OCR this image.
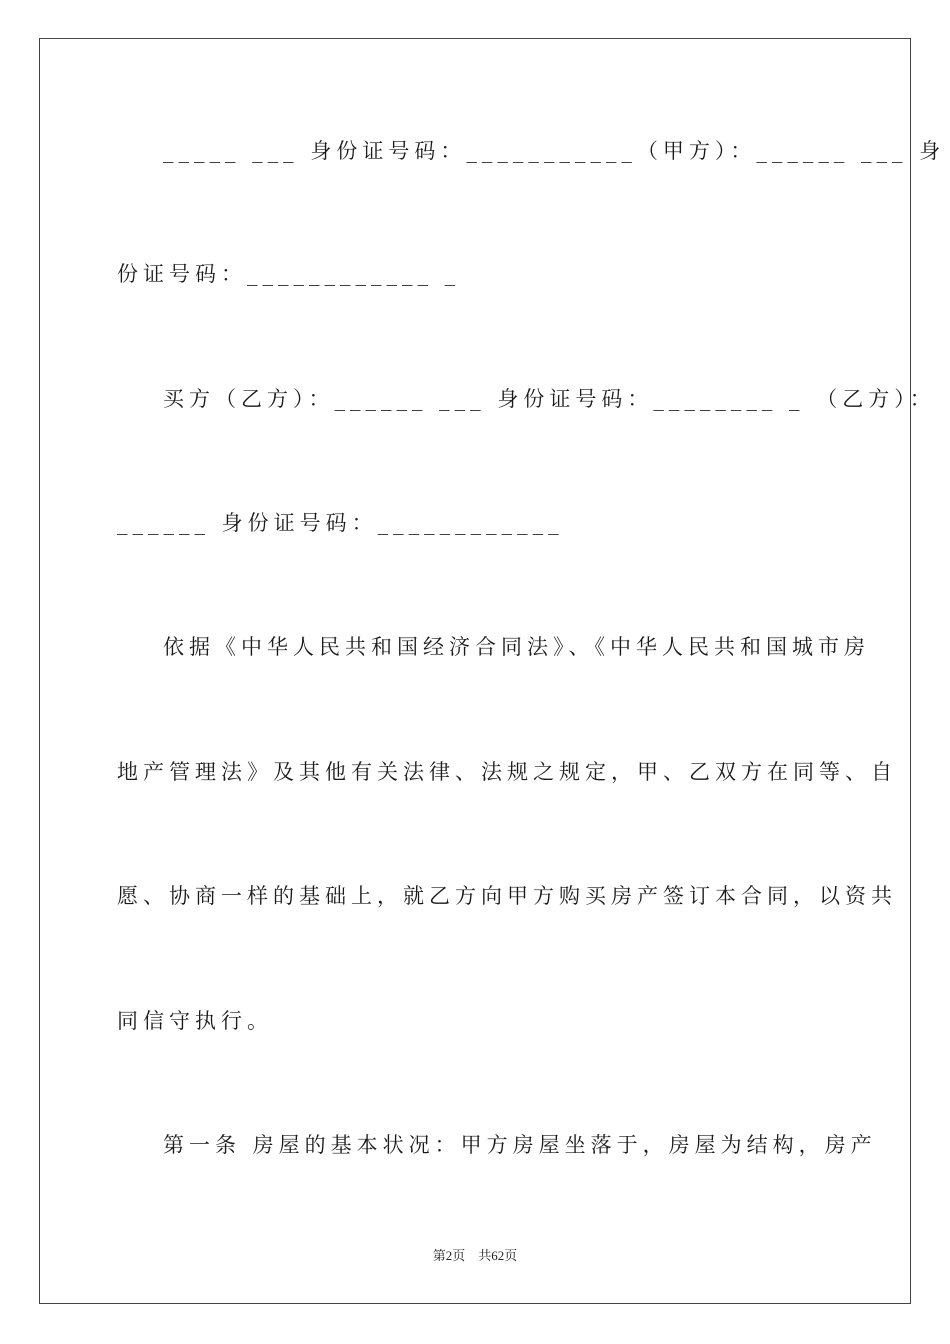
_____ ___ 身份证号码：___________（甲方）：______ ___ 身
份证号码：____________ _
买方（乙方）：______ ___ 身份证号码：________ _ （乙方）：
______ 身份证号码：____________
依据《中华人民共和国经济合同法》、《中华人民共和国城市房
地产管理法》及其他有关法律、法规之规定，甲、乙双方在同等、自
愿、协商一样的基础上，就乙方向甲方购买房产签订本合同，以资共
同信守执行。
第一条 房屋的基本状况：甲方房屋坐落于，房屋为结构，房产
第2页　共62页
